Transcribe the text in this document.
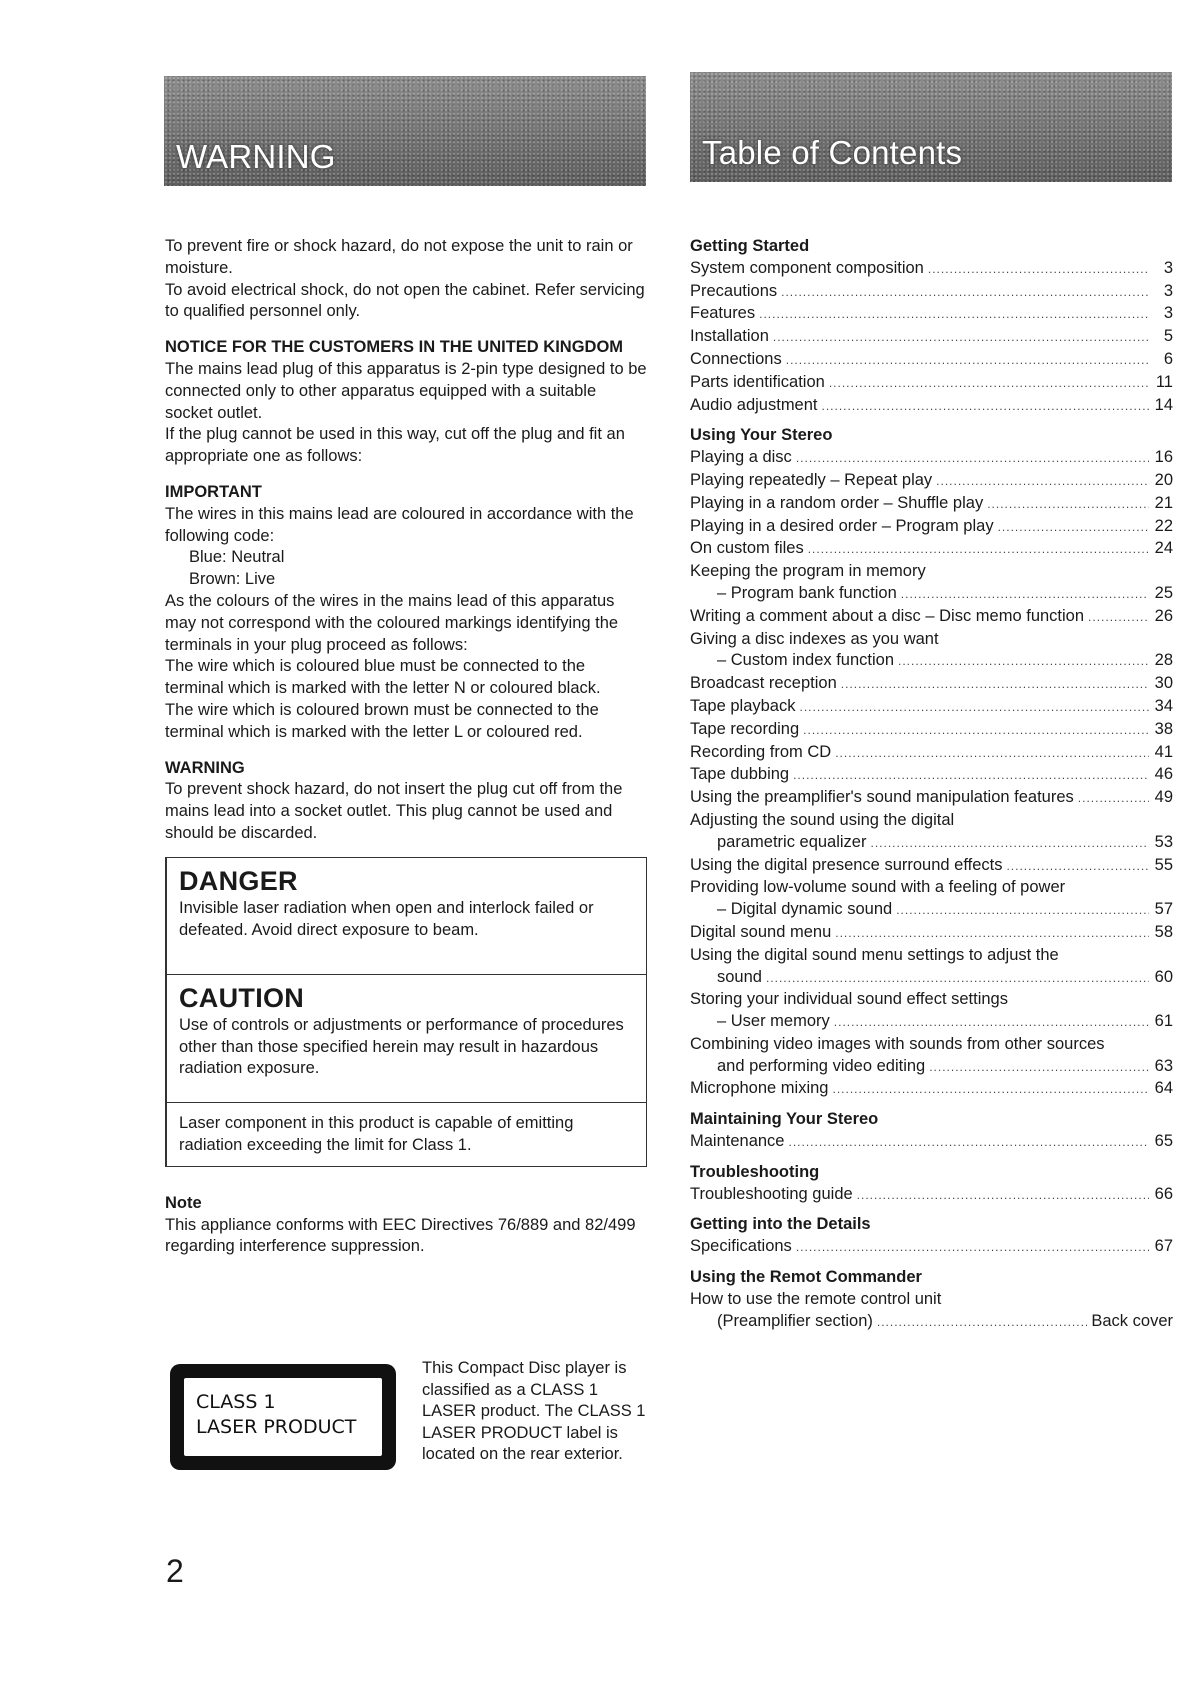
WARNING	Table of Contents

To prevent fire or shock hazard, do not expose the unit to rain or moisture.

To avoid electrical shock, do not open the cabinet. Refer servicing to qualified personnel only.

NOTICE FOR THE CUSTOMERS IN THE UNITED KINGDOM

The mains lead plug of this apparatus is 2-pin type designed to be connected only to other apparatus equipped with a suitable socket outlet.

If the plug cannot be used in this way, cut off the plug and fit an appropriate one as follows:

IMPORTANT

The wires in this mains lead are coloured in accordance with the following code:

Blue: Neutral

Brown: Live

As the colours of the wires in the mains lead of this apparatus may not correspond with the coloured markings identifying the terminals in your plug proceed as follows:

The wire which is coloured blue must be connected to the terminal which is marked with the letter N or coloured black.

The wire which is coloured brown must be connected to the terminal which is marked with the letter L or coloured red.

WARNING

To prevent shock hazard, do not insert the plug cut off from the mains lead into a socket outlet. This plug cannot be used and should be discarded.

DANGER

Invisible laser radiation when open and interlock failed or defeated. Avoid direct exposure to beam.

CAUTION

Use of controls or adjustments or performance of procedures other than those specified herein may result in hazardous radiation exposure.

Laser component in this product is capable of emitting radiation exceeding the limit for Class 1.

Note

This appliance conforms with EEC Directives 76/889 and 82/499 regarding interference suppression.

CLASS 1
LASER PRODUCT

This Compact Disc player is classified as a CLASS 1 LASER product. The CLASS 1 LASER PRODUCT label is located on the rear exterior.

Getting Started

System component composition .....	3
Precautions .....	3
Features .....	3
Installation .....	5
Connections .....	6
Parts identification .....	11
Audio adjustment .....	14

Using Your Stereo

Playing a disc .....	16
Playing repeatedly – Repeat play .....	20
Playing in a random order – Shuffle play .....	21
Playing in a desired order – Program play .....	22
On custom files .....	24

Keeping the program in memory

– Program bank function .....	25
Writing a comment about a disc – Disc memo function .....	26

Giving a disc indexes as you want

– Custom index function .....	28
Broadcast reception .....	30
Tape playback .....	34
Tape recording .....	38
Recording from CD .....	41
Tape dubbing .....	46
Using the preamplifier's sound manipulation features .....	49

Adjusting the sound using the digital

parametric equalizer .....	53
Using the digital presence surround effects .....	55

Providing low-volume sound with a feeling of power

– Digital dynamic sound .....	57
Digital sound menu .....	58

Using the digital sound menu settings to adjust the

sound .....	60

Storing your individual sound effect settings

– User memory .....	61

Combining video images with sounds from other sources

and performing video editing .....	63
Microphone mixing .....	64

Maintaining Your Stereo

Maintenance .....	65

Troubleshooting

Troubleshooting guide .....	66

Getting into the Details

Specifications .....	67

Using the Remot Commander

How to use the remote control unit

(Preamplifier section) .....	Back cover
2
